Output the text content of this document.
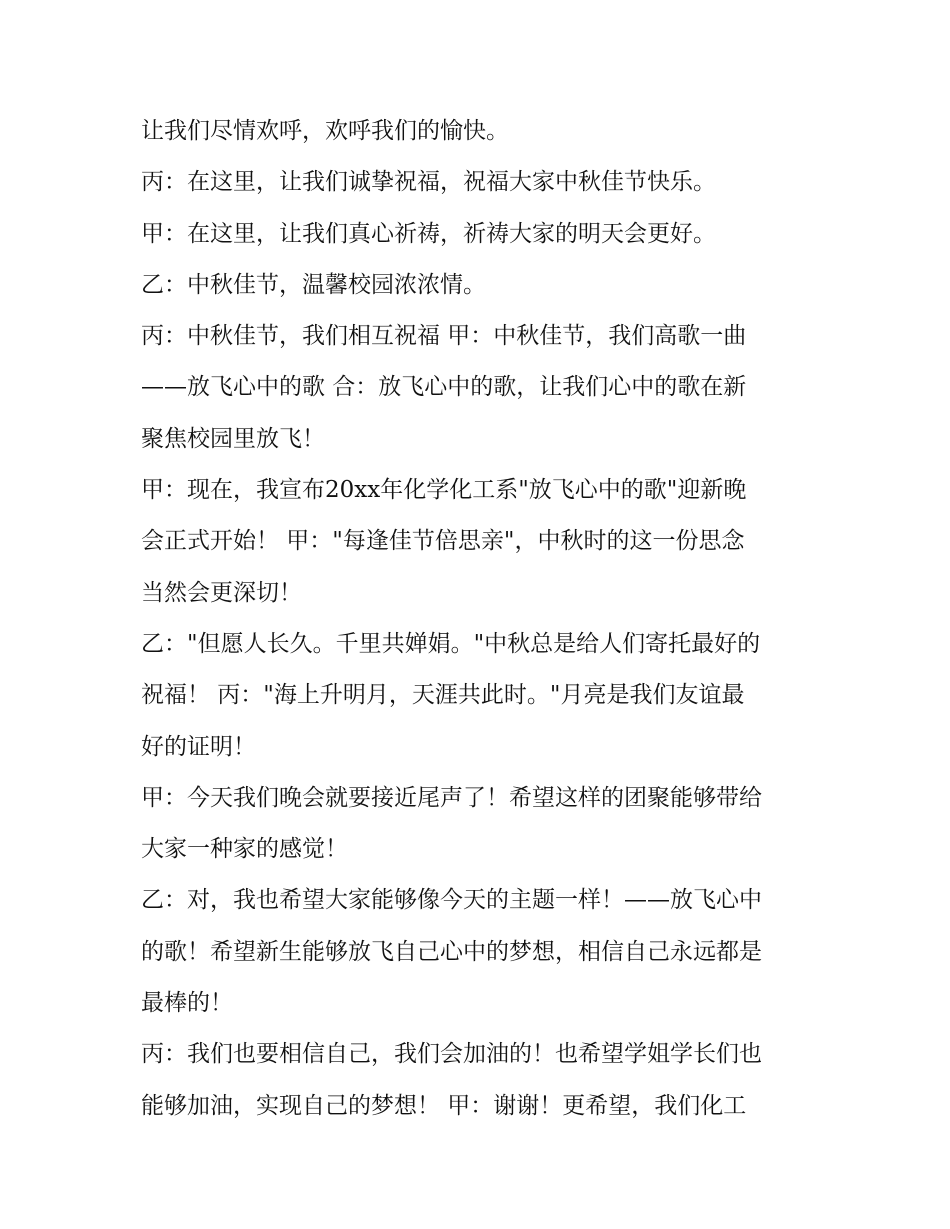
让我们尽情欢呼，欢呼我们的愉快。
丙：在这里，让我们诚挚祝福，祝福大家中秋佳节快乐。
甲：在这里，让我们真心祈祷，祈祷大家的明天会更好。
乙：中秋佳节，温馨校园浓浓情。
丙：中秋佳节，我们相互祝福 甲：中秋佳节，我们高歌一曲
——放飞心中的歌 合：放飞心中的歌，让我们心中的歌在新
聚焦校园里放飞！
甲：现在，我宣布20xx年化学化工系"放飞心中的歌"迎新晚
会正式开始！ 甲："每逢佳节倍思亲"，中秋时的这一份思念
当然会更深切！
乙："但愿人长久。千里共婵娟。"中秋总是给人们寄托最好的
祝福！ 丙："海上升明月，天涯共此时。"月亮是我们友谊最
好的证明！
甲：今天我们晚会就要接近尾声了！希望这样的团聚能够带给
大家一种家的感觉！
乙：对，我也希望大家能够像今天的主题一样！——放飞心中
的歌！希望新生能够放飞自己心中的梦想，相信自己永远都是
最棒的！
丙：我们也要相信自己，我们会加油的！也希望学姐学长们也
能够加油，实现自己的梦想！ 甲：谢谢！更希望，我们化工
